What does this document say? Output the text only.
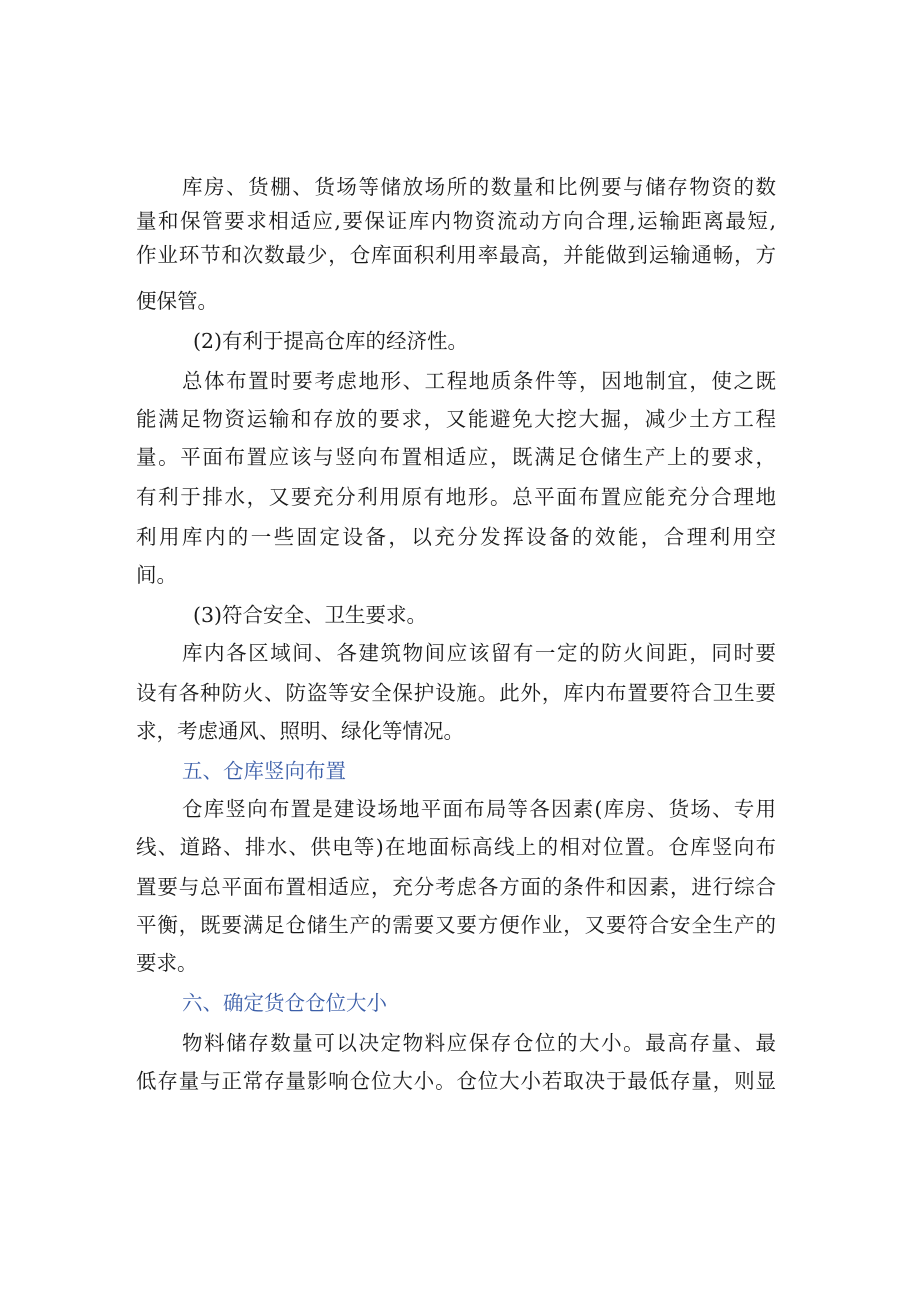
库房、货棚、货场等储放场所的数量和比例要与储存物资的数
量和保管要求相适应,要保证库内物资流动方向合理,运输距离最短,
作业环节和次数最少，仓库面积利用率最高，并能做到运输通畅，方
便保管。
(2)有利于提高仓库的经济性。
总体布置时要考虑地形、工程地质条件等，因地制宜，使之既
能满足物资运输和存放的要求，又能避免大挖大掘，减少土方工程
量。平面布置应该与竖向布置相适应，既满足仓储生产上的要求，
有利于排水，又要充分利用原有地形。总平面布置应能充分合理地
利用库内的一些固定设备，以充分发挥设备的效能，合理利用空
间。
(3)符合安全、卫生要求。
库内各区域间、各建筑物间应该留有一定的防火间距，同时要
设有各种防火、防盗等安全保护设施。此外，库内布置要符合卫生要
求，考虑通风、照明、绿化等情况。
五、仓库竖向布置
仓库竖向布置是建设场地平面布局等各因素(库房、货场、专用
线、道路、排水、供电等)在地面标高线上的相对位置。仓库竖向布
置要与总平面布置相适应，充分考虑各方面的条件和因素，进行综合
平衡，既要满足仓储生产的需要又要方便作业，又要符合安全生产的
要求。
六、确定货仓仓位大小
物料储存数量可以决定物料应保存仓位的大小。最高存量、最
低存量与正常存量影响仓位大小。仓位大小若取决于最低存量，则显
